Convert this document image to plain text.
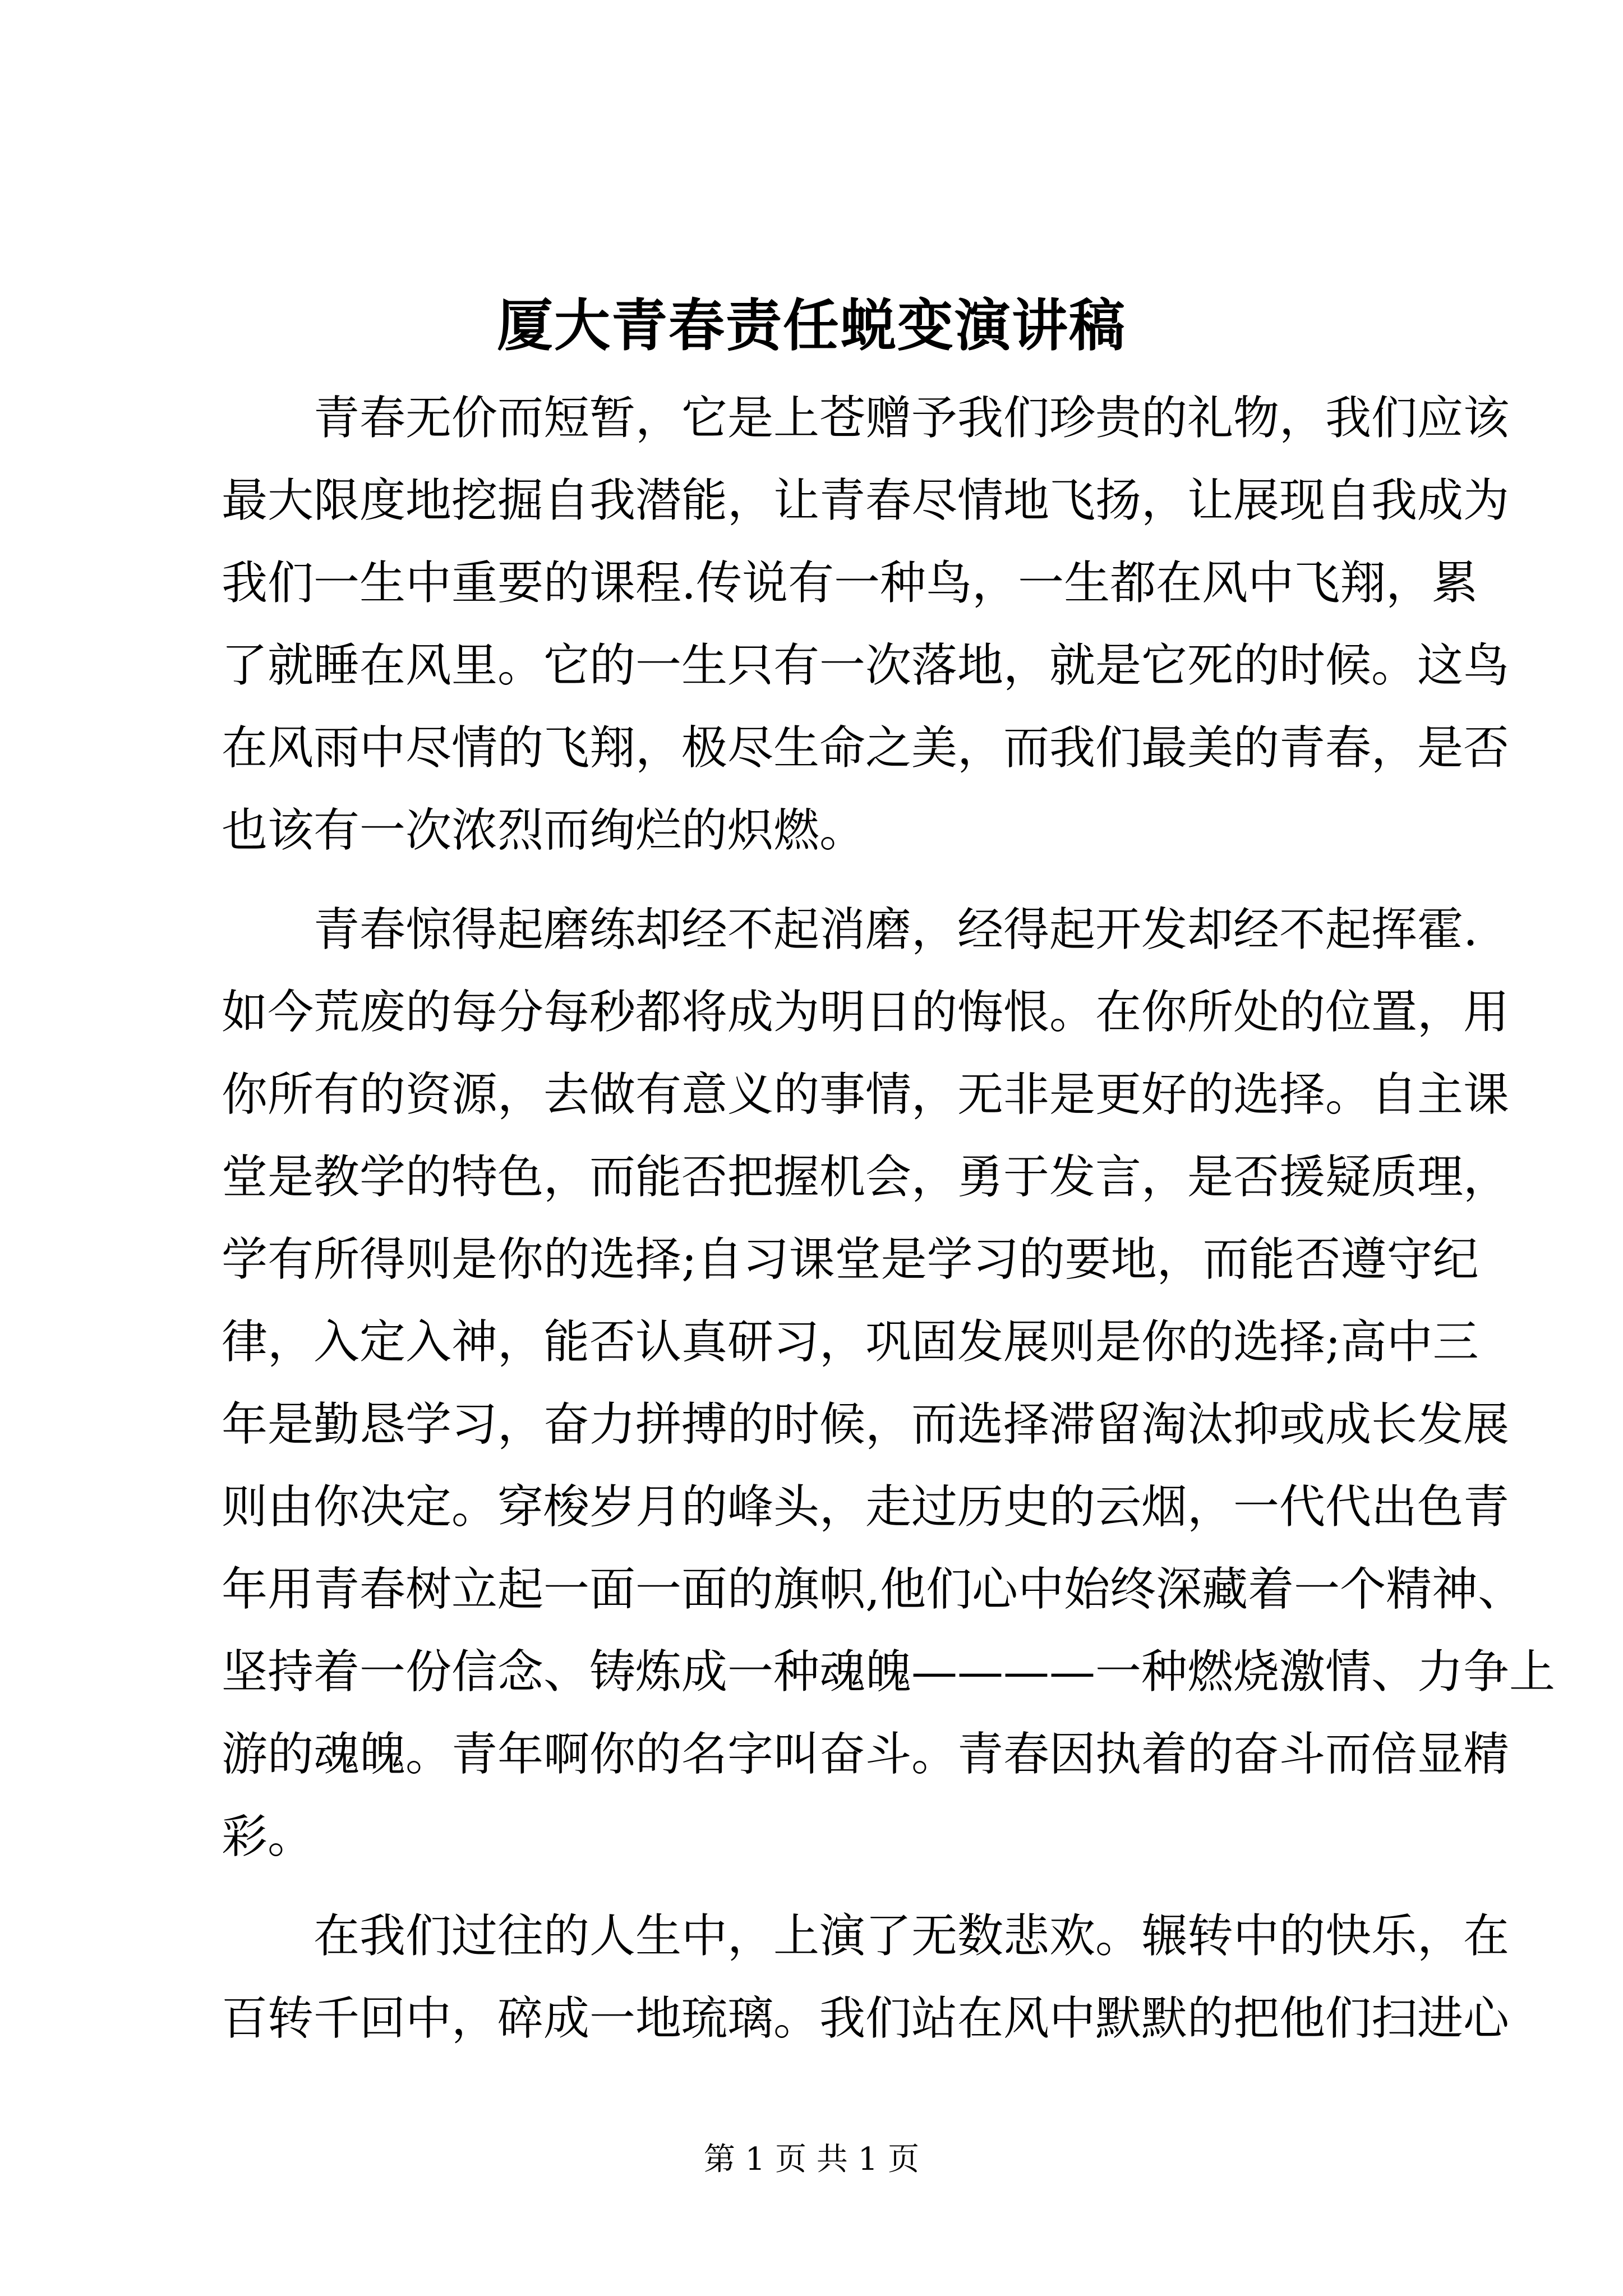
厦大青春责任蜕变演讲稿
青春无价而短暂，它是上苍赠予我们珍贵的礼物，我们应该
最大限度地挖掘自我潜能，让青春尽情地飞扬，让展现自我成为
我们一生中重要的课程.传说有一种鸟，一生都在风中飞翔，累
了就睡在风里。它的一生只有一次落地，就是它死的时候。这鸟
在风雨中尽情的飞翔，极尽生命之美，而我们最美的青春，是否
也该有一次浓烈而绚烂的炽燃。
青春惊得起磨练却经不起消磨，经得起开发却经不起挥霍.
如今荒废的每分每秒都将成为明日的悔恨。在你所处的位置，用
你所有的资源，去做有意义的事情，无非是更好的选择。自主课
堂是教学的特色，而能否把握机会，勇于发言，是否援疑质理，
学有所得则是你的选择;自习课堂是学习的要地，而能否遵守纪
律，入定入神，能否认真研习，巩固发展则是你的选择;高中三
年是勤恳学习，奋力拼搏的时候，而选择滞留淘汰抑或成长发展
则由你决定。穿梭岁月的峰头，走过历史的云烟，一代代出色青
年用青春树立起一面一面的旗帜,他们心中始终深藏着一个精神、
坚持着一份信念、铸炼成一种魂魄————一种燃烧激情、力争上
游的魂魄。青年啊你的名字叫奋斗。青春因执着的奋斗而倍显精
彩。
在我们过往的人生中，上演了无数悲欢。辗转中的快乐，在
百转千回中，碎成一地琉璃。我们站在风中默默的把他们扫进心
第 1 页 共 1 页
